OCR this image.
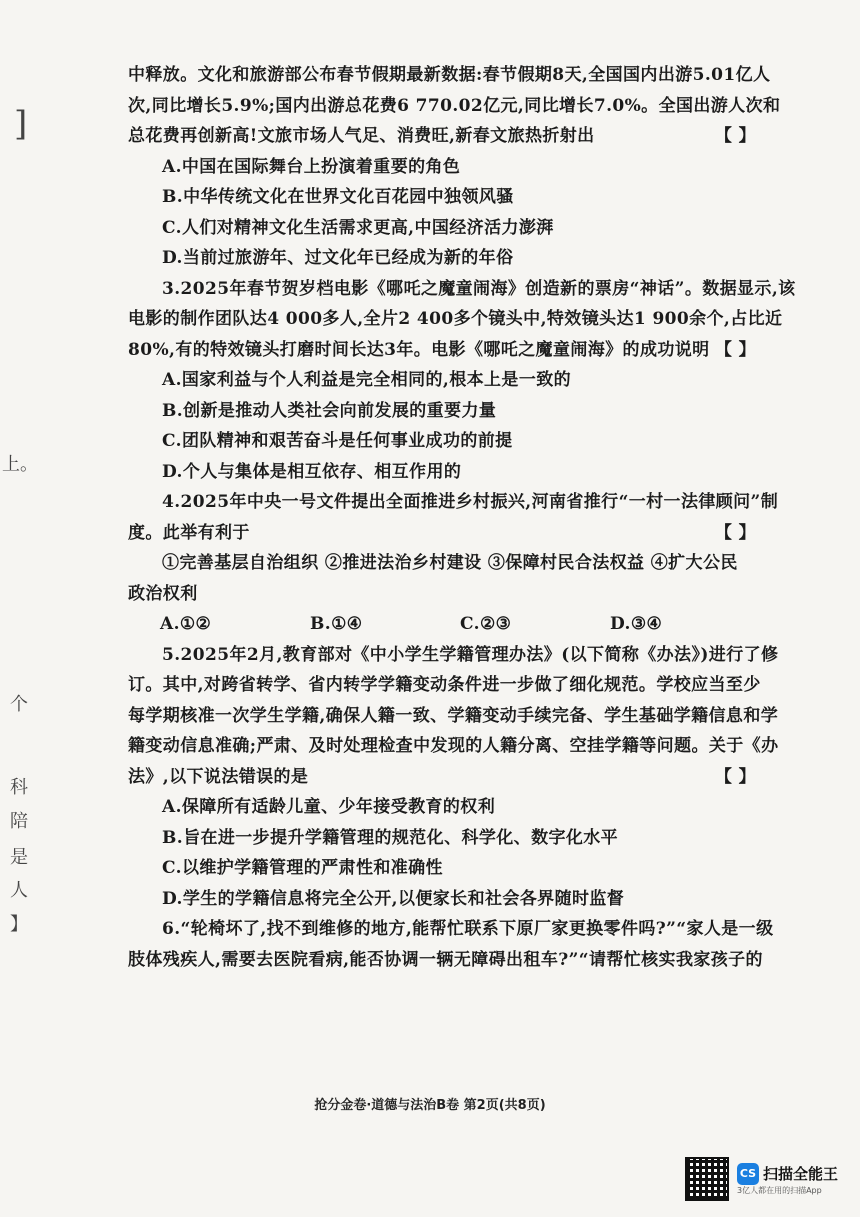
]
上。
个
科
陪
是
人
】
中释放。文化和旅游部公布春节假期最新数据:春节假期8天,全国国内出游5.01亿人
次,同比增长5.9%;国内出游总花费6 770.02亿元,同比增长7.0%。全国出游人次和
总花费再创新高!文旅市场人气足、消费旺,新春文旅热折射出	【 】
A.中国在国际舞台上扮演着重要的角色
B.中华传统文化在世界文化百花园中独领风骚
C.人们对精神文化生活需求更高,中国经济活力澎湃
D.当前过旅游年、过文化年已经成为新的年俗
3.2025年春节贺岁档电影《哪吒之魔童闹海》创造新的票房“神话”。数据显示,该
电影的制作团队达4 000多人,全片2 400多个镜头中,特效镜头达1 900余个,占比近
80%,有的特效镜头打磨时间长达3年。电影《哪吒之魔童闹海》的成功说明 【 】
A.国家利益与个人利益是完全相同的,根本上是一致的
B.创新是推动人类社会向前发展的重要力量
C.团队精神和艰苦奋斗是任何事业成功的前提
D.个人与集体是相互依存、相互作用的
4.2025年中央一号文件提出全面推进乡村振兴,河南省推行“一村一法律顾问”制
度。此举有利于	【 】
①完善基层自治组织 ②推进法治乡村建设 ③保障村民合法权益 ④扩大公民
政治权利
A.①②	B.①④	C.②③	D.③④
5.2025年2月,教育部对《中小学生学籍管理办法》(以下简称《办法》)进行了修
订。其中,对跨省转学、省内转学学籍变动条件进一步做了细化规范。学校应当至少
每学期核准一次学生学籍,确保人籍一致、学籍变动手续完备、学生基础学籍信息和学
籍变动信息准确;严肃、及时处理检查中发现的人籍分离、空挂学籍等问题。关于《办
法》,以下说法错误的是	【 】
A.保障所有适龄儿童、少年接受教育的权利
B.旨在进一步提升学籍管理的规范化、科学化、数字化水平
C.以维护学籍管理的严肃性和准确性
D.学生的学籍信息将完全公开,以便家长和社会各界随时监督
6.“轮椅坏了,找不到维修的地方,能帮忙联系下原厂家更换零件吗?”“家人是一级
肢体残疾人,需要去医院看病,能否协调一辆无障碍出租车?”“请帮忙核实我家孩子的
抢分金卷·道德与法治B卷 第2页(共8页)
CS 扫描全能王
3亿人都在用的扫描App
